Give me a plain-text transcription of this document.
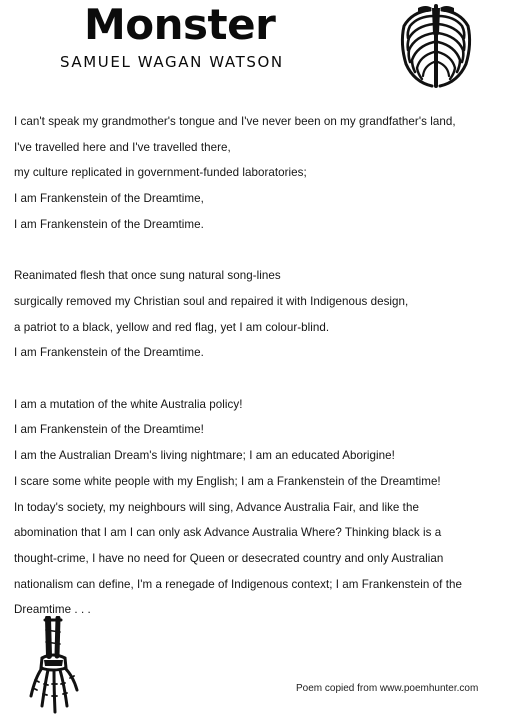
Monster
SAMUEL WAGAN WATSON
I can't speak my grandmother's tongue and I've never been on my grandfather's land,
I've travelled here and I've travelled there,
my culture replicated in government-funded laboratories;
I am Frankenstein of the Dreamtime,
I am Frankenstein of the Dreamtime.
Reanimated flesh that once sung natural song-lines
surgically removed my Christian soul and repaired it with Indigenous design,
a patriot to a black, yellow and red flag, yet I am colour-blind.
I am Frankenstein of the Dreamtime.
I am a mutation of the white Australia policy!
I am Frankenstein of the Dreamtime!
I am the Australian Dream's living nightmare; I am an educated Aborigine!
I scare some white people with my English; I am a Frankenstein of the Dreamtime!
In today's society, my neighbours will sing, Advance Australia Fair, and like the
abomination that I am I can only ask Advance Australia Where? Thinking black is a
thought-crime, I have no need for Queen or desecrated country and only Australian
nationalism can define, I'm a renegade of Indigenous context; I am Frankenstein of the
Dreamtime . . .
Poem copied from www.poemhunter.com
